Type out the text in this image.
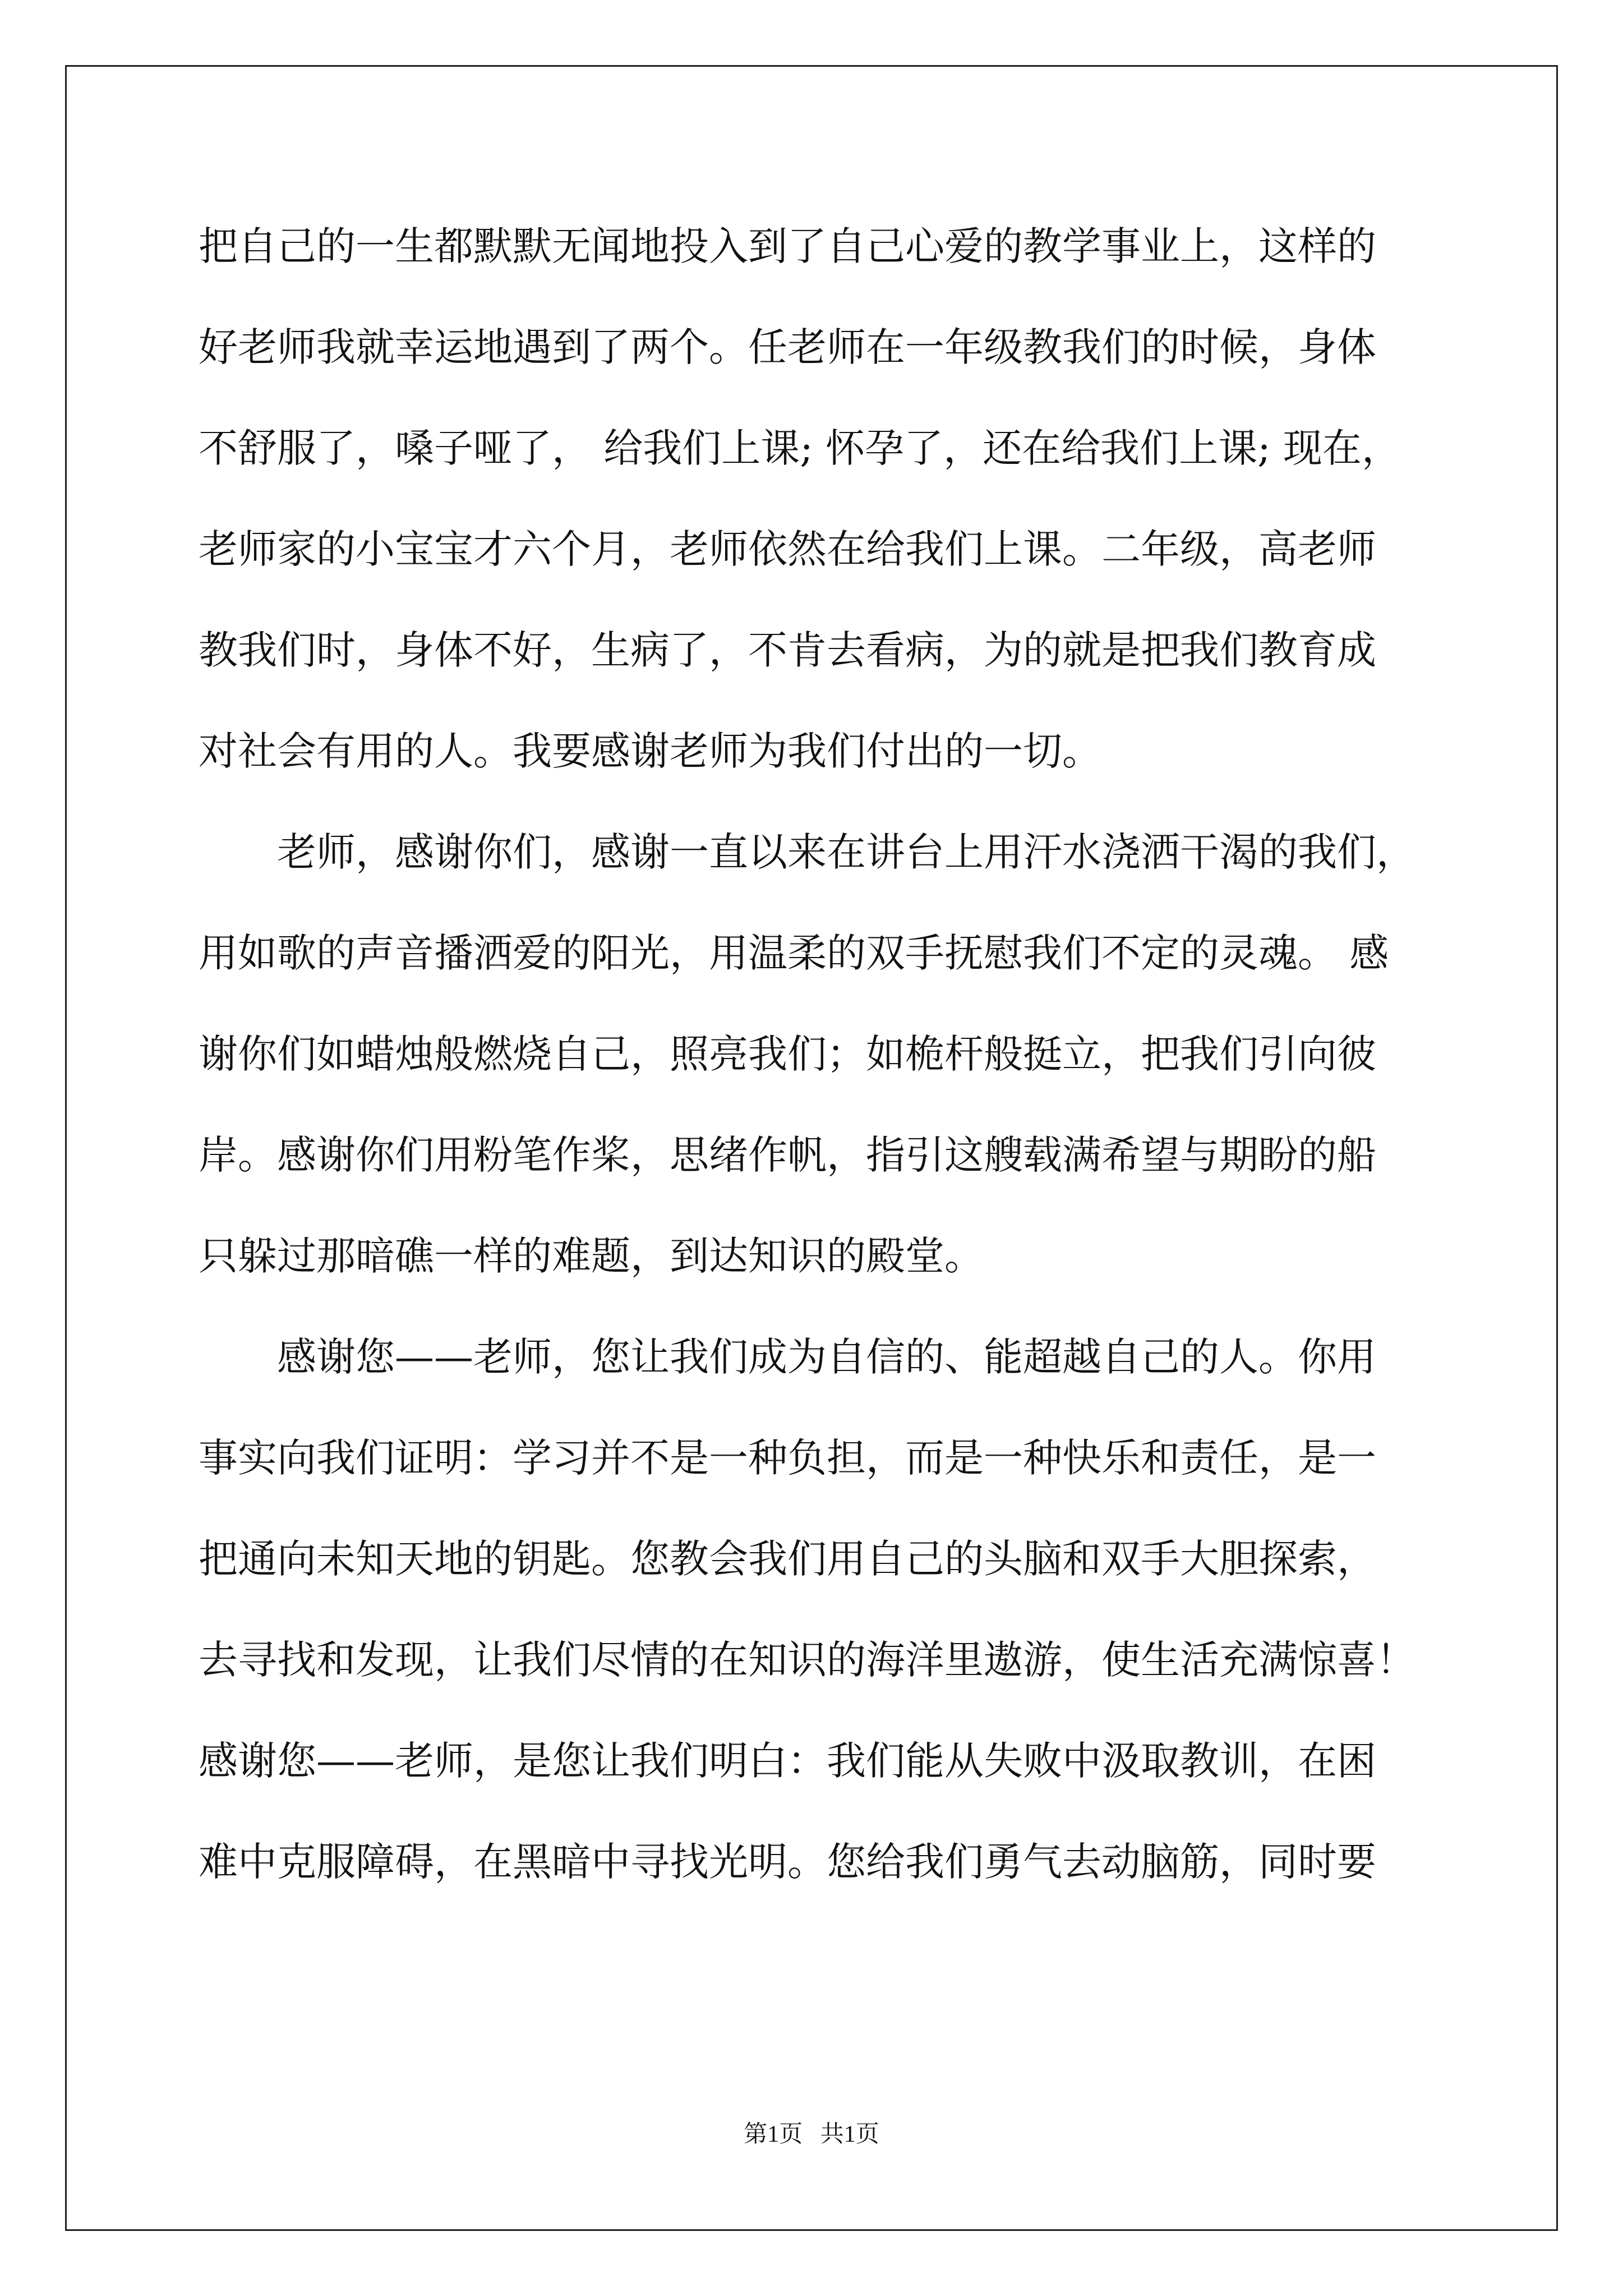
把自己的一生都默默无闻地投入到了自己心爱的教学事业上，这样的

好老师我就幸运地遇到了两个。任老师在一年级教我们的时候，身体

不舒服了，嗓子哑了， 给我们上课; 怀孕了，还在给我们上课; 现在，

老师家的小宝宝才六个月，老师依然在给我们上课。二年级，高老师

教我们时，身体不好，生病了，不肯去看病，为的就是把我们教育成

对社会有用的人。我要感谢老师为我们付出的一切。

老师，感谢你们，感谢一直以来在讲台上用汗水浇洒干渴的我们，

用如歌的声音播洒爱的阳光，用温柔的双手抚慰我们不定的灵魂。 感

谢你们如蜡烛般燃烧自己，照亮我们；如桅杆般挺立，把我们引向彼

岸。感谢你们用粉笔作桨，思绪作帆，指引这艘载满希望与期盼的船

只躲过那暗礁一样的难题，到达知识的殿堂。

感谢您——老师，您让我们成为自信的、能超越自己的人。你用

事实向我们证明：学习并不是一种负担，而是一种快乐和责任，是一

把通向未知天地的钥匙。您教会我们用自己的头脑和双手大胆探索，

去寻找和发现，让我们尽情的在知识的海洋里遨游，使生活充满惊喜！

感谢您——老师，是您让我们明白：我们能从失败中汲取教训，在困

难中克服障碍，在黑暗中寻找光明。您给我们勇气去动脑筋，同时要

第1页   共1页
